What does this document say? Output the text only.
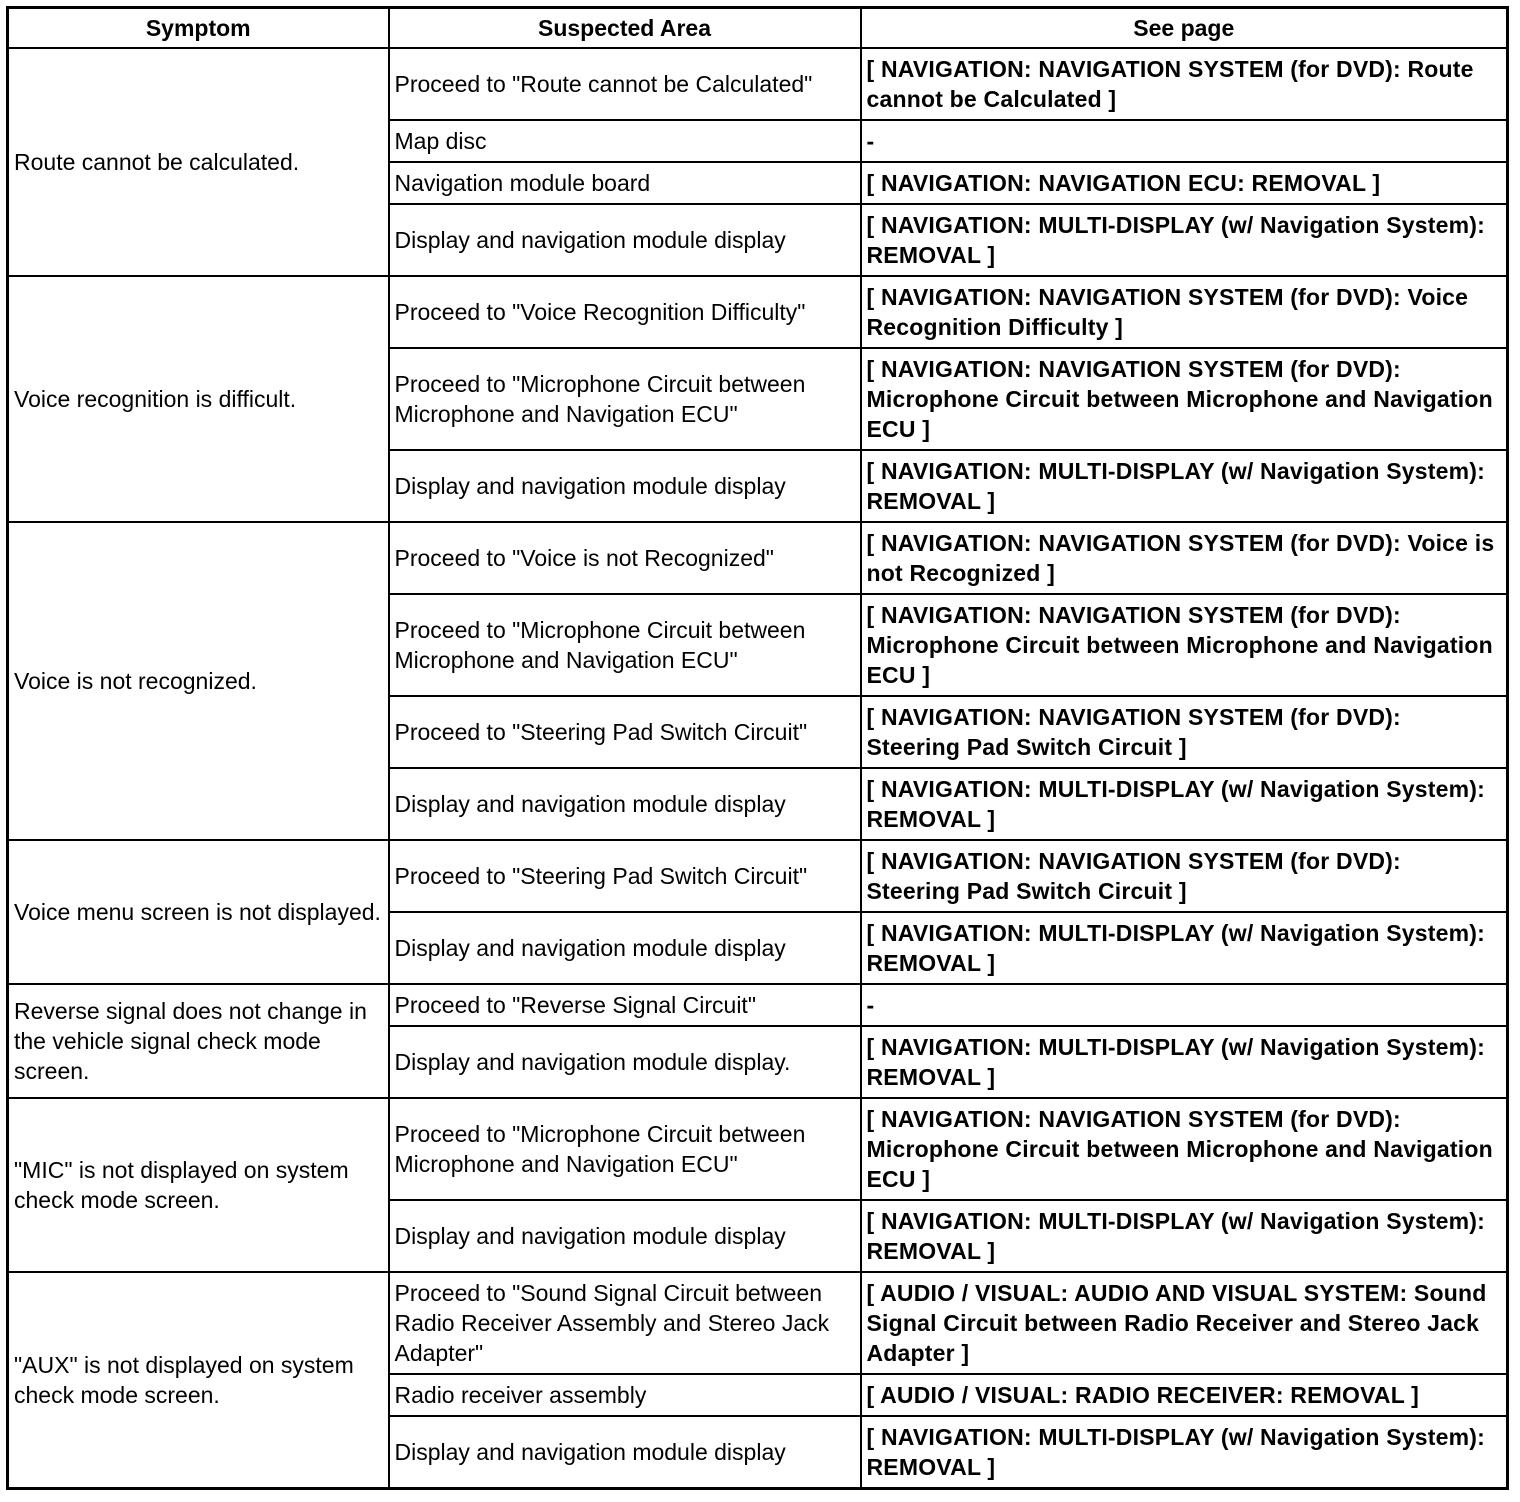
Symptom	Suspected Area	See page
Route cannot be calculated.	Proceed to "Route cannot be Calculated"	[ NAVIGATION: NAVIGATION SYSTEM (for DVD): Route cannot be Calculated ]
	Map disc	-
	Navigation module board	[ NAVIGATION: NAVIGATION ECU: REMOVAL ]
	Display and navigation module display	[ NAVIGATION: MULTI-DISPLAY (w/ Navigation System): REMOVAL ]
Voice recognition is difficult.	Proceed to "Voice Recognition Difficulty"	[ NAVIGATION: NAVIGATION SYSTEM (for DVD): Voice Recognition Difficulty ]
	Proceed to "Microphone Circuit between Microphone and Navigation ECU"	[ NAVIGATION: NAVIGATION SYSTEM (for DVD): Microphone Circuit between Microphone and Navigation ECU ]
	Display and navigation module display	[ NAVIGATION: MULTI-DISPLAY (w/ Navigation System): REMOVAL ]
Voice is not recognized.	Proceed to "Voice is not Recognized"	[ NAVIGATION: NAVIGATION SYSTEM (for DVD): Voice is not Recognized ]
	Proceed to "Microphone Circuit between Microphone and Navigation ECU"	[ NAVIGATION: NAVIGATION SYSTEM (for DVD): Microphone Circuit between Microphone and Navigation ECU ]
	Proceed to "Steering Pad Switch Circuit"	[ NAVIGATION: NAVIGATION SYSTEM (for DVD): Steering Pad Switch Circuit ]
	Display and navigation module display	[ NAVIGATION: MULTI-DISPLAY (w/ Navigation System): REMOVAL ]
Voice menu screen is not displayed.	Proceed to "Steering Pad Switch Circuit"	[ NAVIGATION: NAVIGATION SYSTEM (for DVD): Steering Pad Switch Circuit ]
	Display and navigation module display	[ NAVIGATION: MULTI-DISPLAY (w/ Navigation System): REMOVAL ]
Reverse signal does not change in the vehicle signal check mode screen.	Proceed to "Reverse Signal Circuit"	-
	Display and navigation module display.	[ NAVIGATION: MULTI-DISPLAY (w/ Navigation System): REMOVAL ]
"MIC" is not displayed on system check mode screen.	Proceed to "Microphone Circuit between Microphone and Navigation ECU"	[ NAVIGATION: NAVIGATION SYSTEM (for DVD): Microphone Circuit between Microphone and Navigation ECU ]
	Display and navigation module display	[ NAVIGATION: MULTI-DISPLAY (w/ Navigation System): REMOVAL ]
"AUX" is not displayed on system check mode screen.	Proceed to "Sound Signal Circuit between Radio Receiver Assembly and Stereo Jack Adapter"	[ AUDIO / VISUAL: AUDIO AND VISUAL SYSTEM: Sound Signal Circuit between Radio Receiver and Stereo Jack Adapter ]
	Radio receiver assembly	[ AUDIO / VISUAL: RADIO RECEIVER: REMOVAL ]
	Display and navigation module display	[ NAVIGATION: MULTI-DISPLAY (w/ Navigation System): REMOVAL ]
